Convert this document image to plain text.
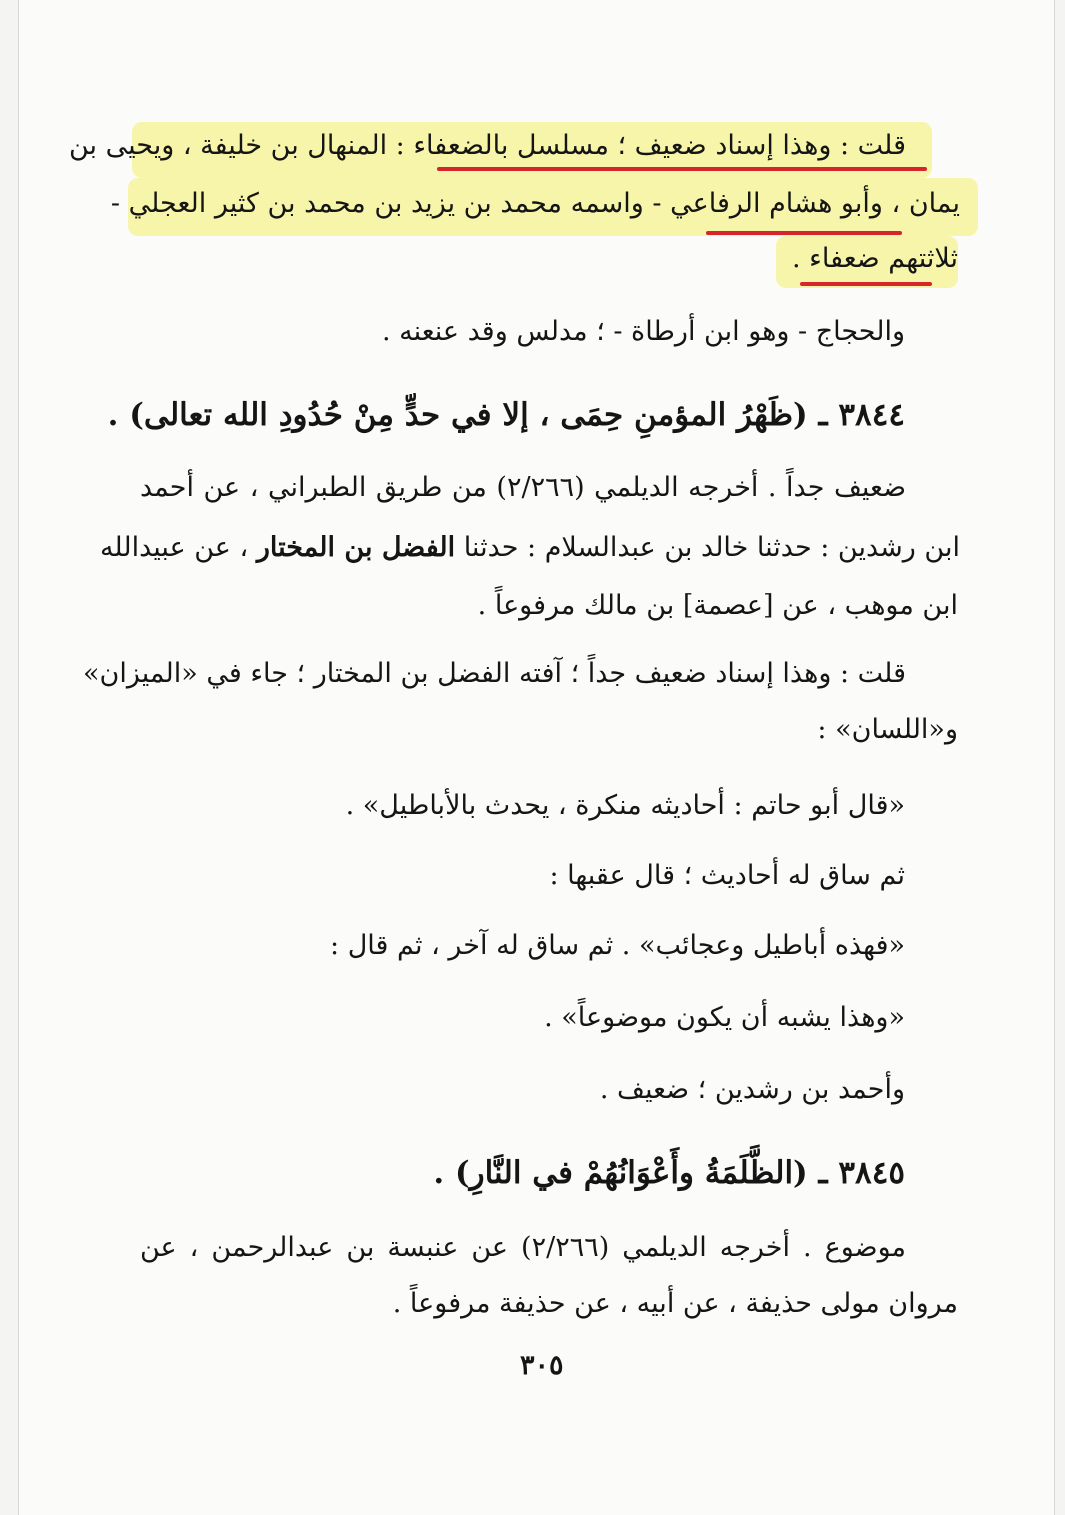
قلت : وهذا إسناد ضعيف ؛ مسلسل بالضعفاء : المنهال بن خليفة ، ويحيى بن
يمان ، وأبو هشام الرفاعي - واسمه محمد بن يزيد بن محمد بن كثير العجلي -
ثلاثتهم ضعفاء .
والحجاج - وهو ابن أرطاة - ؛ مدلس وقد عنعنه .
٣٨٤٤ ـ (ظَهْرُ المؤمنِ حِمَى ، إلا في حدٍّ مِنْ حُدُودِ الله تعالى) .
ضعيف جداً . أخرجه الديلمي (٢/٢٦٦) من طريق الطبراني ، عن أحمد
ابن رشدين : حدثنا خالد بن عبدالسلام : حدثنا الفضل بن المختار ، عن عبيدالله
ابن موهب ، عن [عصمة] بن مالك مرفوعاً .
قلت : وهذا إسناد ضعيف جداً ؛ آفته الفضل بن المختار ؛ جاء في «الميزان»
و«اللسان» :
«قال أبو حاتم : أحاديثه منكرة ، يحدث بالأباطيل» .
ثم ساق له أحاديث ؛ قال عقبها :
«فهذه أباطيل وعجائب» . ثم ساق له آخر ، ثم قال :
«وهذا يشبه أن يكون موضوعاً» .
وأحمد بن رشدين ؛ ضعيف .
٣٨٤٥ ـ (الظَّلَمَةُ وأَعْوَانُهُمْ في النَّارِ) .
موضوع . أخرجه الديلمي (٢/٢٦٦) عن عنبسة بن عبدالرحمن ، عن
مروان مولى حذيفة ، عن أبيه ، عن حذيفة مرفوعاً .
٣٠٥
